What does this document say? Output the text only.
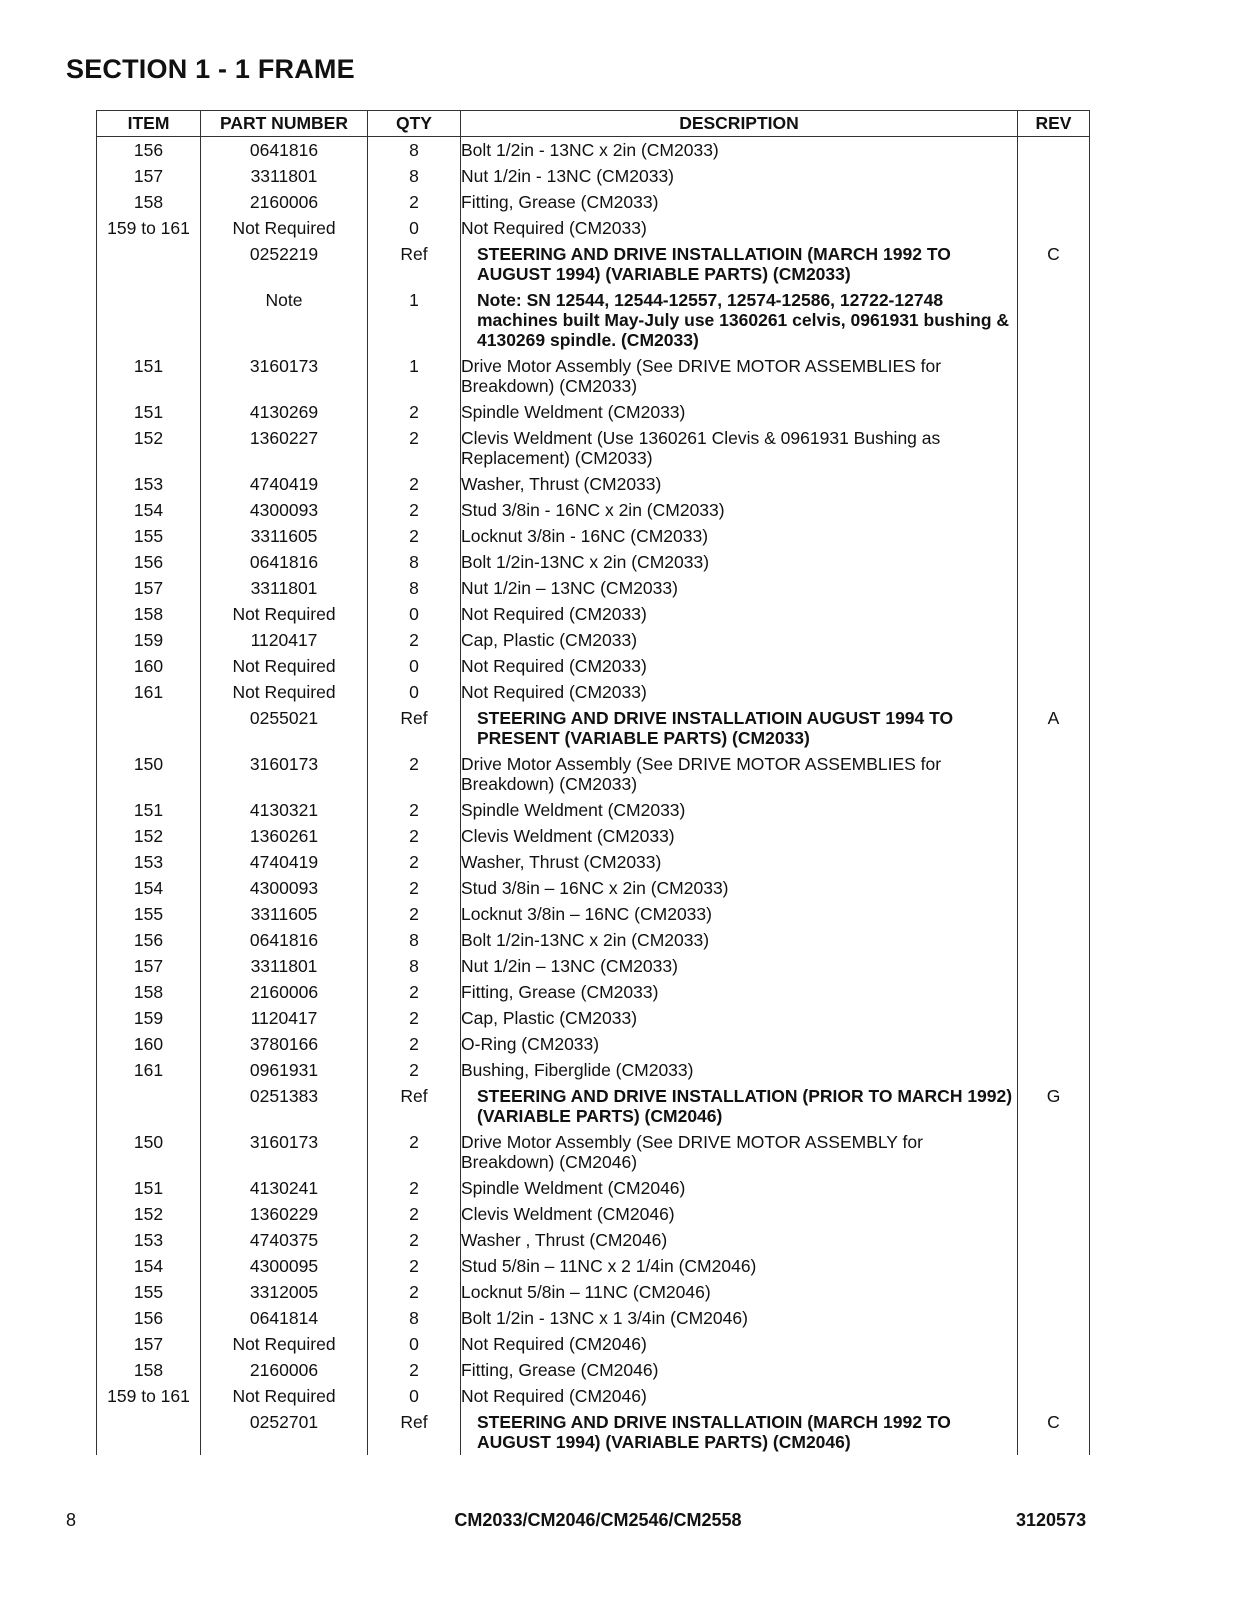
SECTION 1 - 1 FRAME
ITEM	PART NUMBER	QTY	DESCRIPTION	REV
156	0641816	8	Bolt 1/2in - 13NC x 2in (CM2033)	
157	3311801	8	Nut 1/2in - 13NC (CM2033)	
158	2160006	2	Fitting, Grease (CM2033)	
159 to 161	Not Required	0	Not Required (CM2033)	
	0252219	Ref	STEERING AND DRIVE INSTALLATIOIN (MARCH 1992 TO AUGUST 1994) (VARIABLE PARTS) (CM2033)	C
	Note	1	Note: SN 12544, 12544-12557, 12574-12586, 12722-12748 machines built May-July use 1360261 celvis, 0961931 bushing & 4130269 spindle. (CM2033)	
151	3160173	1	Drive Motor Assembly (See DRIVE MOTOR ASSEMBLIES for Breakdown) (CM2033)	
151	4130269	2	Spindle Weldment (CM2033)	
152	1360227	2	Clevis Weldment (Use 1360261 Clevis & 0961931 Bushing as Replacement) (CM2033)	
153	4740419	2	Washer, Thrust (CM2033)	
154	4300093	2	Stud 3/8in - 16NC x 2in (CM2033)	
155	3311605	2	Locknut 3/8in - 16NC (CM2033)	
156	0641816	8	Bolt 1/2in-13NC x 2in (CM2033)	
157	3311801	8	Nut 1/2in – 13NC (CM2033)	
158	Not Required	0	Not Required (CM2033)	
159	1120417	2	Cap, Plastic (CM2033)	
160	Not Required	0	Not Required (CM2033)	
161	Not Required	0	Not Required (CM2033)	
	0255021	Ref	STEERING AND DRIVE INSTALLATIOIN AUGUST 1994 TO PRESENT (VARIABLE PARTS) (CM2033)	A
150	3160173	2	Drive Motor Assembly (See DRIVE MOTOR ASSEMBLIES for Breakdown) (CM2033)	
151	4130321	2	Spindle Weldment (CM2033)	
152	1360261	2	Clevis Weldment (CM2033)	
153	4740419	2	Washer, Thrust (CM2033)	
154	4300093	2	Stud 3/8in – 16NC x 2in (CM2033)	
155	3311605	2	Locknut 3/8in – 16NC (CM2033)	
156	0641816	8	Bolt 1/2in-13NC x 2in (CM2033)	
157	3311801	8	Nut 1/2in – 13NC (CM2033)	
158	2160006	2	Fitting, Grease (CM2033)	
159	1120417	2	Cap, Plastic (CM2033)	
160	3780166	2	O-Ring (CM2033)	
161	0961931	2	Bushing, Fiberglide (CM2033)	
	0251383	Ref	STEERING AND DRIVE INSTALLATION (PRIOR TO MARCH 1992) (VARIABLE PARTS) (CM2046)	G
150	3160173	2	Drive Motor Assembly (See DRIVE MOTOR ASSEMBLY for Breakdown) (CM2046)	
151	4130241	2	Spindle Weldment (CM2046)	
152	1360229	2	Clevis Weldment (CM2046)	
153	4740375	2	Washer , Thrust (CM2046)	
154	4300095	2	Stud 5/8in – 11NC x 2 1/4in (CM2046)	
155	3312005	2	Locknut 5/8in – 11NC (CM2046)	
156	0641814	8	Bolt 1/2in - 13NC x 1 3/4in (CM2046)	
157	Not Required	0	Not Required (CM2046)	
158	2160006	2	Fitting, Grease (CM2046)	
159 to 161	Not Required	0	Not Required (CM2046)	
	0252701	Ref	STEERING AND DRIVE INSTALLATIOIN (MARCH 1992 TO AUGUST 1994) (VARIABLE PARTS) (CM2046)	C
8	CM2033/CM2046/CM2546/CM2558	3120573
